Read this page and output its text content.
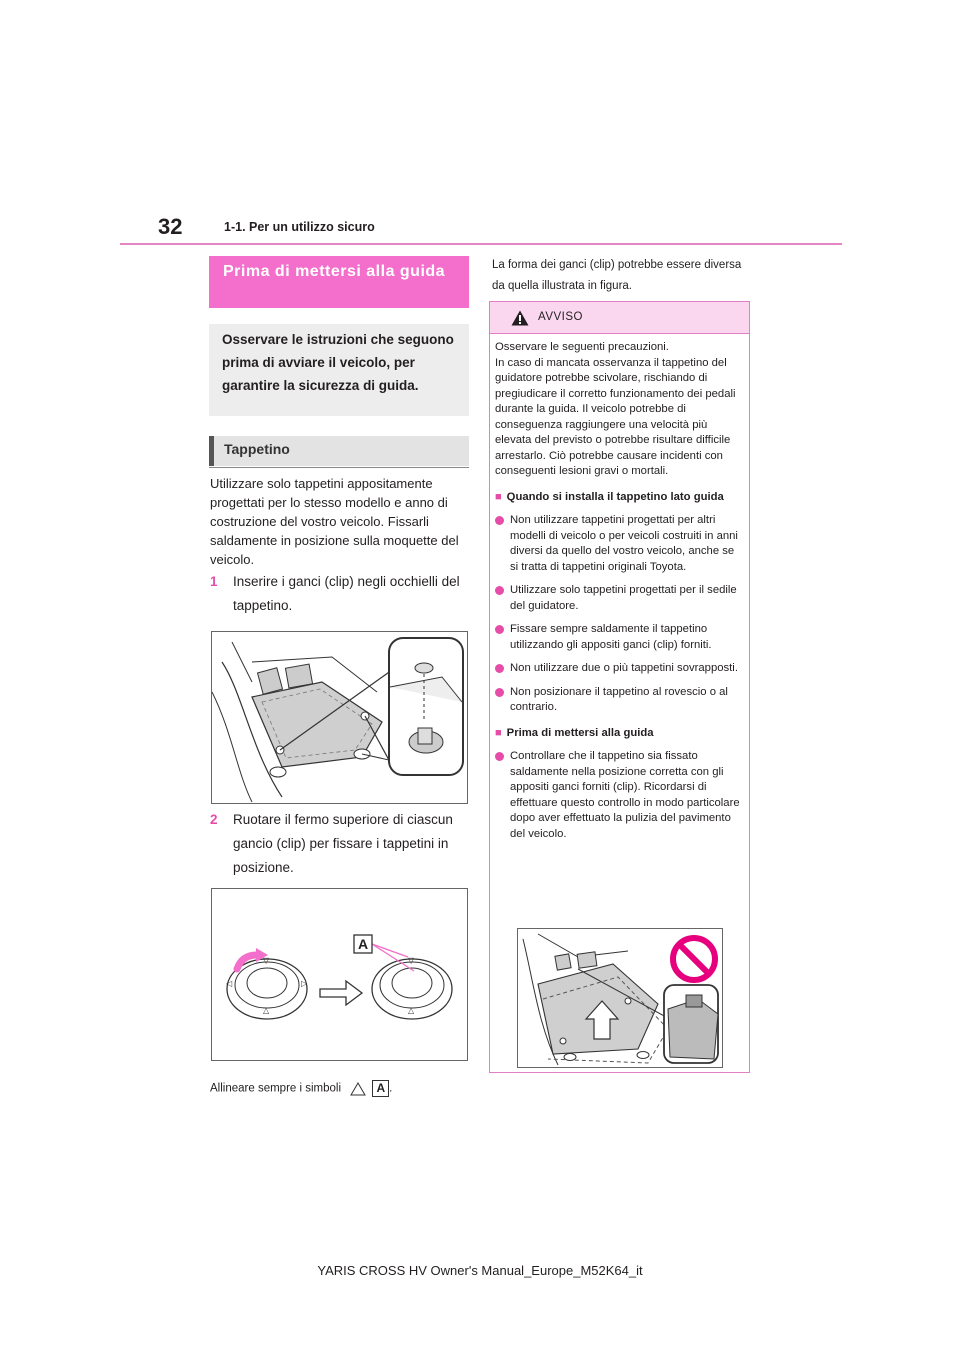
32	1-1. Per un utilizzo sicuro
Prima di mettersi alla guida
Osservare le istruzioni che seguono prima di avviare il veicolo, per garantire la sicurezza di guida.
Tappetino
Utilizzare solo tappetini appositamente progettati per lo stesso modello e anno di costruzione del vostro veicolo. Fissarli saldamente in posizione sulla moquette del veicolo.
1 Inserire i ganci (clip) negli occhielli del tappetino.
2 Ruotare il fermo superiore di ciascun gancio (clip) per fissare i tappetini in posizione.
◁	▷
▽
△
▽
△
A
Allineare sempre i simboli	A .
La forma dei ganci (clip) potrebbe essere diversa da quella illustrata in figura.
AVVISO

Osservare le seguenti precauzioni.

In caso di mancata osservanza il tappetino del guidatore potrebbe scivolare, rischiando di pregiudicare il corretto funzionamento dei pedali durante la guida. Il veicolo potrebbe di conseguenza raggiungere una velocità più elevata del previsto o potrebbe risultare difficile arrestarlo. Ciò potrebbe causare incidenti con conseguenti lesioni gravi o mortali.

■ Quando si installa il tappetino lato guida
Non utilizzare tappetini progettati per altri modelli di veicolo o per veicoli costruiti in anni diversi da quello del vostro veicolo, anche se si tratta di tappetini originali Toyota.
Utilizzare solo tappetini progettati per il sedile del guidatore.
Fissare sempre saldamente il tappetino utilizzando gli appositi ganci (clip) forniti.
Non utilizzare due o più tappetini sovrapposti.
Non posizionare il tappetino al rovescio o al contrario.
■ Prima di mettersi alla guida
Controllare che il tappetino sia fissato saldamente nella posizione corretta con gli appositi ganci forniti (clip). Ricordarsi di effettuare questo controllo in modo particolare dopo aver effettuato la pulizia del pavimento del veicolo.
YARIS CROSS HV Owner's Manual_Europe_M52K64_it
